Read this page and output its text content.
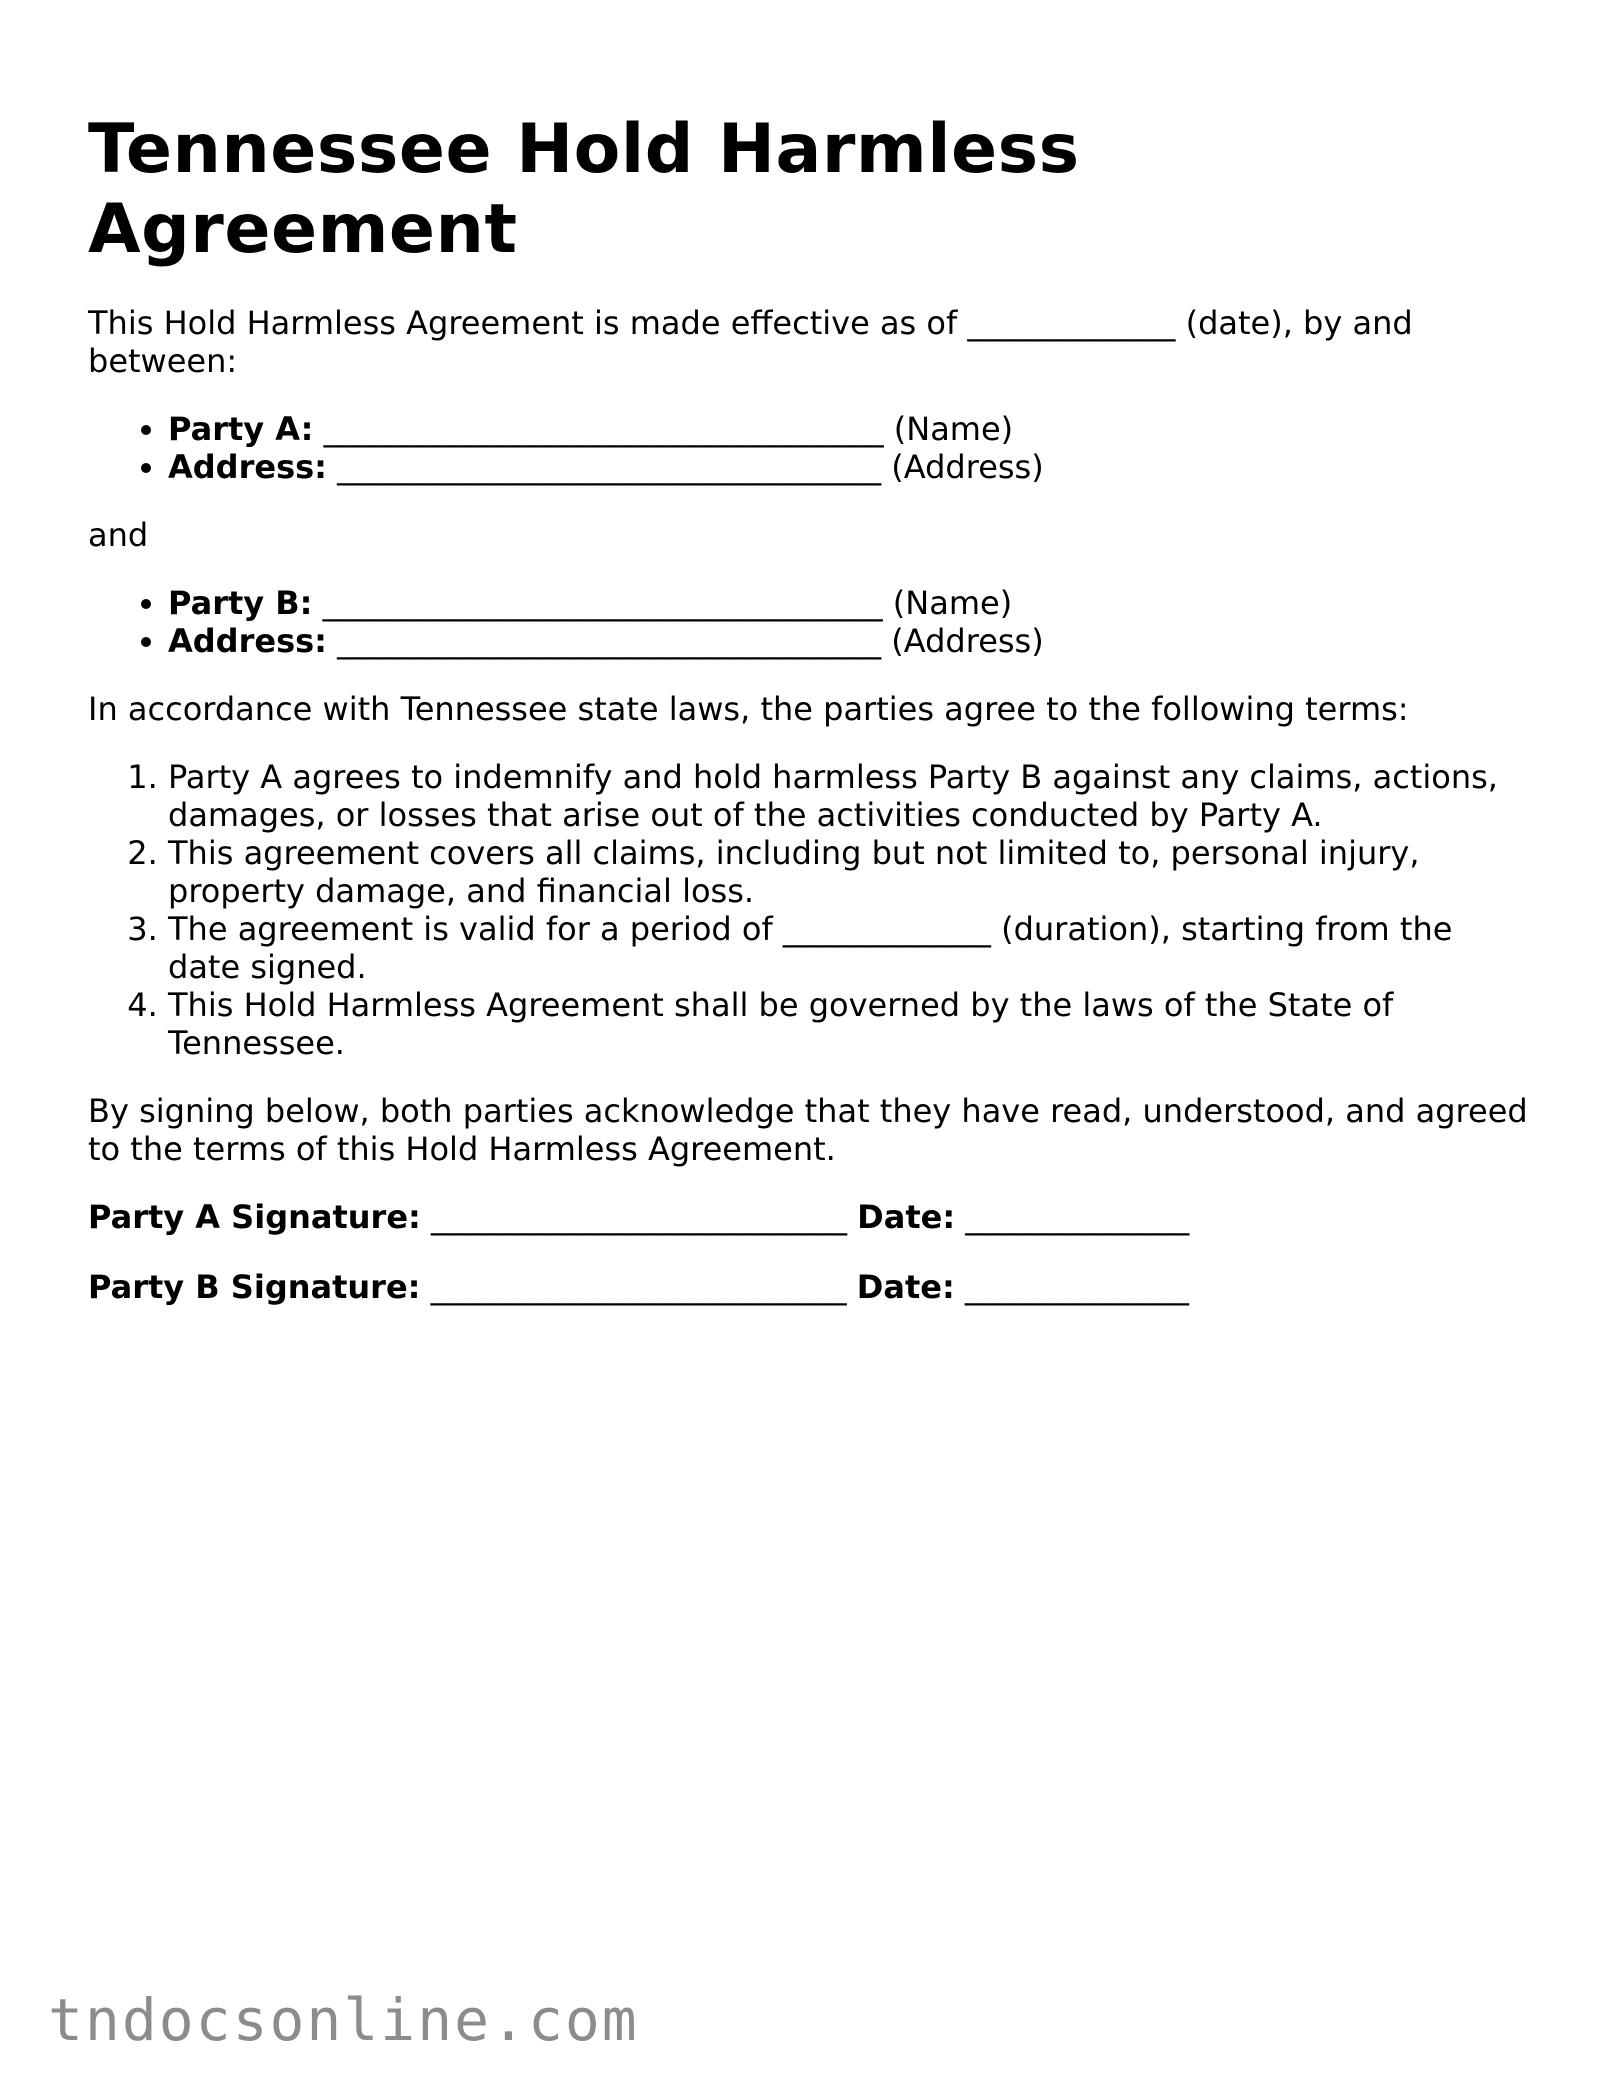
Tennessee Hold Harmless Agreement

This Hold Harmless Agreement is made effective as of _____________ (date), by and between:

• Party A: ___________________________________ (Name)
• Address: __________________________________ (Address)

and

• Party B: ___________________________________ (Name)
• Address: __________________________________ (Address)

In accordance with Tennessee state laws, the parties agree to the following terms:

1. Party A agrees to indemnify and hold harmless Party B against any claims, actions, damages, or losses that arise out of the activities conducted by Party A.
2. This agreement covers all claims, including but not limited to, personal injury, property damage, and financial loss.
3. The agreement is valid for a period of _____________ (duration), starting from the date signed.
4. This Hold Harmless Agreement shall be governed by the laws of the State of Tennessee.

By signing below, both parties acknowledge that they have read, understood, and agreed to the terms of this Hold Harmless Agreement.

Party A Signature: __________________________ Date: ______________

Party B Signature: __________________________ Date: ______________

tndocsonline.com
